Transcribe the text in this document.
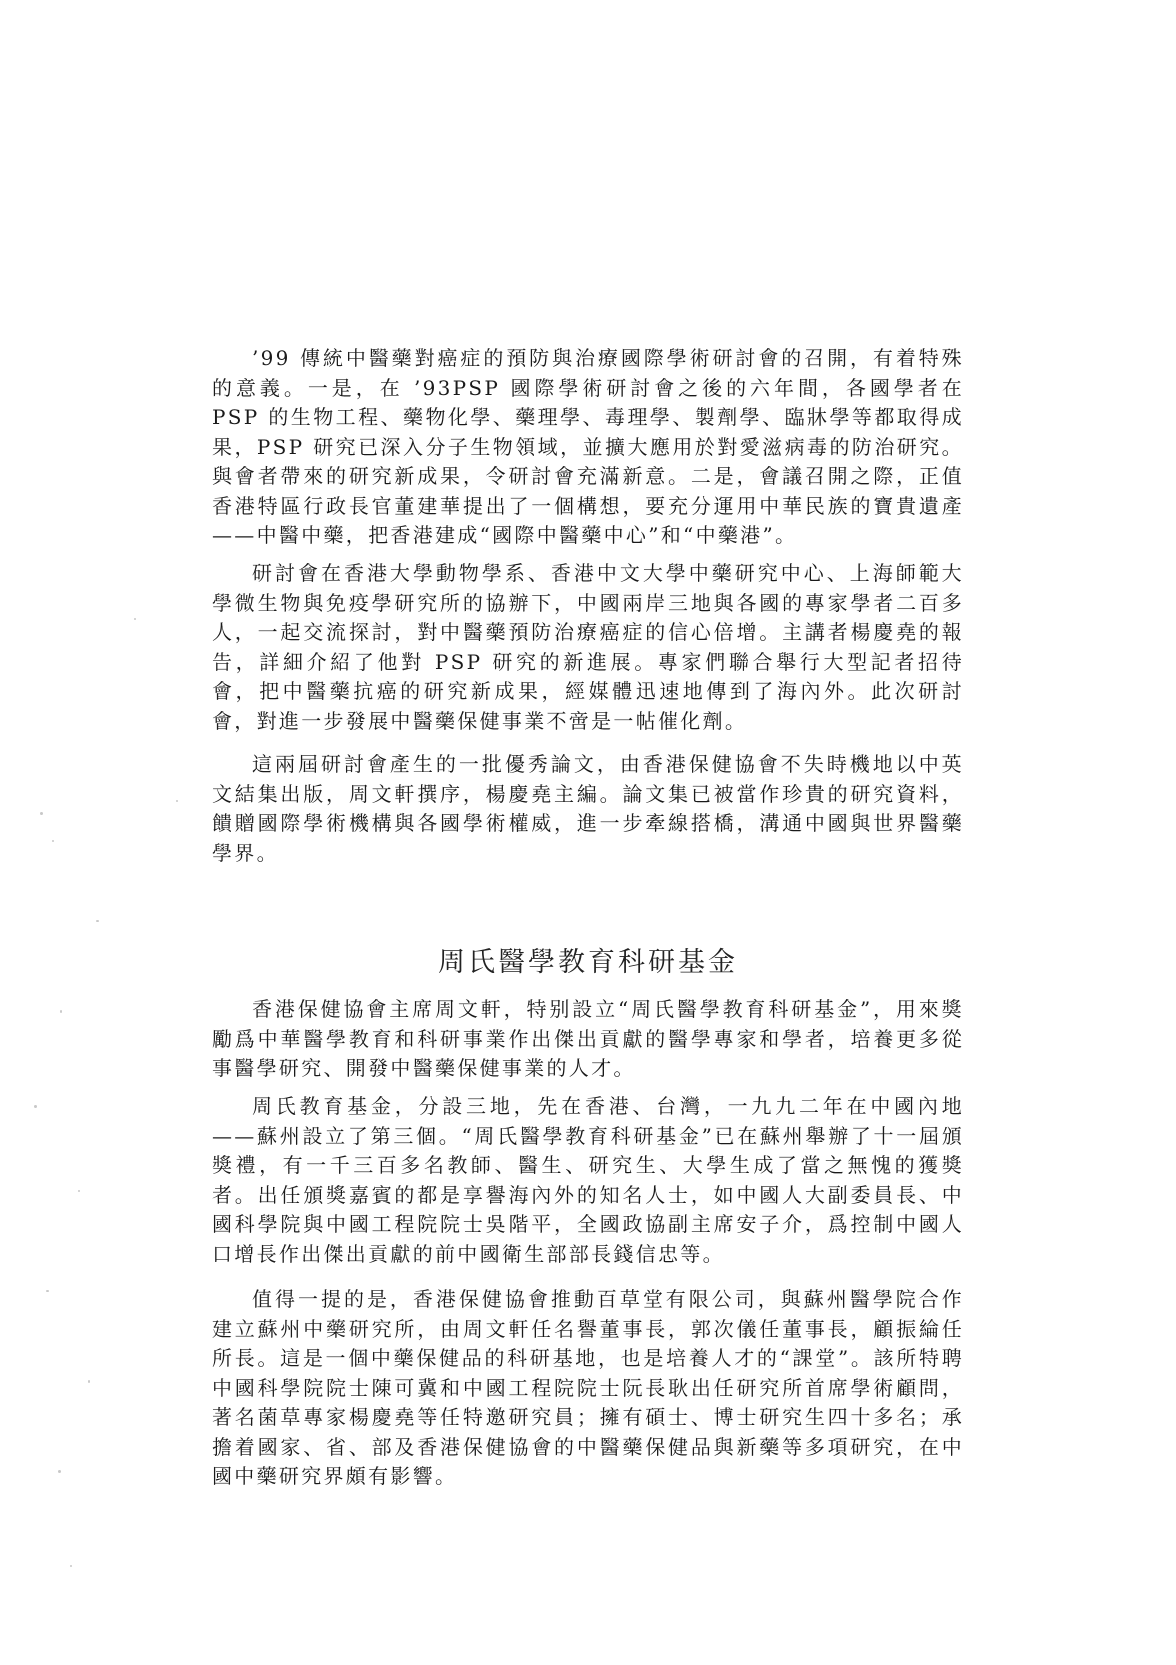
’99 傳統中醫藥對癌症的預防與治療國際學術研討會的召開，有着特殊的意義。一是，在 ’93PSP 國際學術研討會之後的六年間，各國學者在 PSP 的生物工程、藥物化學、藥理學、毒理學、製劑學、臨牀學等都取得成果，PSP 研究已深入分子生物領域，並擴大應用於對愛滋病毒的防治研究。與會者帶來的研究新成果，令研討會充滿新意。二是，會議召開之際，正值香港特區行政長官董建華提出了一個構想，要充分運用中華民族的寶貴遺產——中醫中藥，把香港建成“國際中醫藥中心”和“中藥港”。

研討會在香港大學動物學系、香港中文大學中藥研究中心、上海師範大學微生物與免疫學研究所的協辦下，中國兩岸三地與各國的專家學者二百多人，一起交流探討，對中醫藥預防治療癌症的信心倍增。主講者楊慶堯的報告，詳細介紹了他對 PSP 研究的新進展。專家們聯合舉行大型記者招待會，把中醫藥抗癌的研究新成果，經媒體迅速地傳到了海內外。此次研討會，對進一步發展中醫藥保健事業不啻是一帖催化劑。

這兩屆研討會產生的一批優秀論文，由香港保健協會不失時機地以中英文結集出版，周文軒撰序，楊慶堯主編。論文集已被當作珍貴的研究資料，饋贈國際學術機構與各國學術權威，進一步牽線搭橋，溝通中國與世界醫藥學界。

周氏醫學教育科研基金

香港保健協會主席周文軒，特别設立“周氏醫學教育科研基金”，用來獎勵爲中華醫學教育和科研事業作出傑出貢獻的醫學專家和學者，培養更多從事醫學研究、開發中醫藥保健事業的人才。

周氏教育基金，分設三地，先在香港、台灣，一九九二年在中國內地——蘇州設立了第三個。“周氏醫學教育科研基金”已在蘇州舉辦了十一屆頒獎禮，有一千三百多名教師、醫生、研究生、大學生成了當之無愧的獲獎者。出任頒獎嘉賓的都是享譽海內外的知名人士，如中國人大副委員長、中國科學院與中國工程院院士吳階平，全國政協副主席安子介，爲控制中國人口增長作出傑出貢獻的前中國衛生部部長錢信忠等。

值得一提的是，香港保健協會推動百草堂有限公司，與蘇州醫學院合作建立蘇州中藥研究所，由周文軒任名譽董事長，郭次儀任董事長，顧振綸任所長。這是一個中藥保健品的科研基地，也是培養人才的“課堂”。該所特聘中國科學院院士陳可冀和中國工程院院士阮長耿出任研究所首席學術顧問，著名菌草專家楊慶堯等任特邀研究員；擁有碩士、博士研究生四十多名；承擔着國家、省、部及香港保健協會的中醫藥保健品與新藥等多項研究，在中國中藥研究界頗有影響。
